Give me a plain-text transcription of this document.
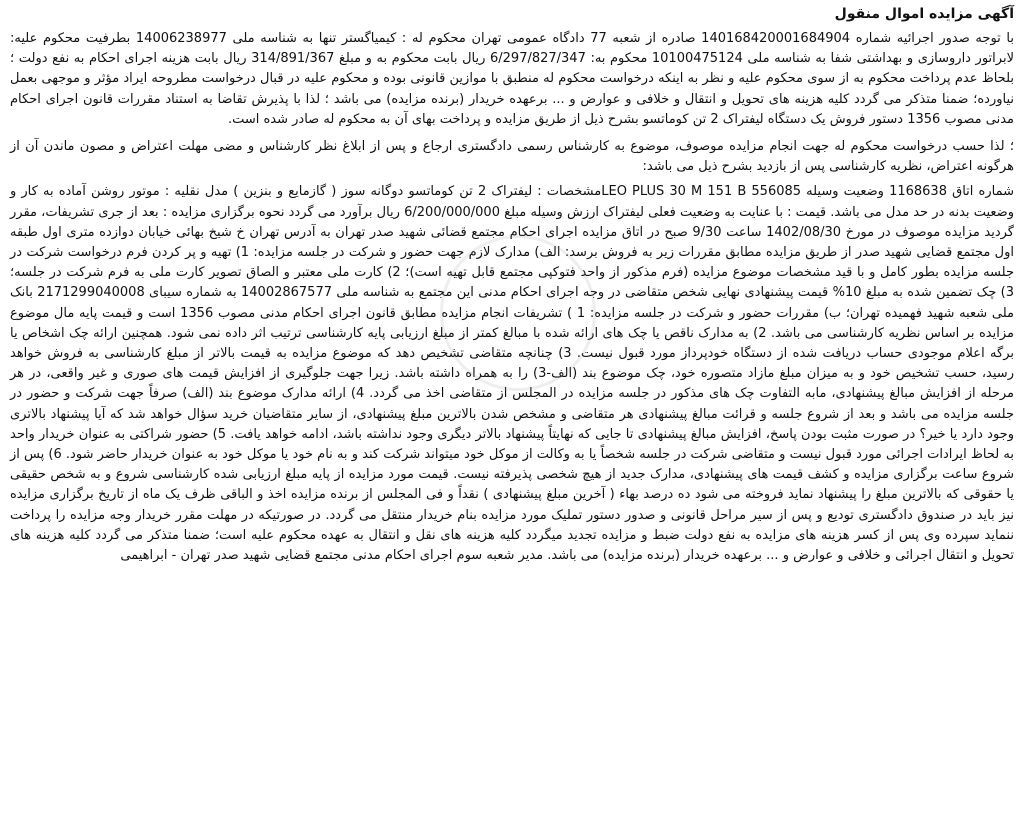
آگهی مزایده اموال منقول

با توجه صدور اجرائیه شماره 140168420001684904 صادره از شعبه 77 دادگاه عمومی تهران محکوم له : کیمیاگستر تنها به شناسه ملی 14006238977 بطرفیت محکوم علیه: لابراتور داروسازی و بهداشتی شفا به شناسه ملی 10100475124 محکوم به: 6/297/827/347 ریال بابت محکوم به و مبلغ 314/891/367 ریال بابت هزینه اجرای احکام به نفع دولت ؛ بلحاظ عدم پرداخت محکوم به از سوی محکوم علیه و نظر به اینکه درخواست محکوم له منطبق با موازین قانونی بوده و محکوم علیه در قبال درخواست مطروحه ایراد مؤثر و موجهی بعمل نیاورده؛ ضمنا متذکر می گردد کلیه هزینه های تحویل و انتقال و خلافی و عوارض و ... برعهده خریدار (برنده مزایده) می باشد ؛ لذا با پذیرش تقاضا به استناد مقررات قانون اجرای احکام مدنی مصوب 1356 دستور فروش یک دستگاه لیفتراک 2 تن کوماتسو بشرح ذیل از طریق مزایده و پرداخت بهای آن به محکوم له صادر شده است.

؛ لذا حسب درخواست محکوم له جهت انجام مزایده موصوف، موضوع به کارشناس رسمی دادگستری ارجاع و پس از ابلاغ نظر کارشناس و مضی مهلت اعتراض و مصون ماندن آن از هرگونه اعتراض، نظریه کارشناسی پس از بازدید بشرح ذیل می باشد:

شماره اتاق 1168638 وضعیت وسیله LEO PLUS 30 M 151 B 556085مشخصات : لیفتراک 2 تن کوماتسو دوگانه سوز ( گازمایع و بنزین ) مدل نقلیه : موتور روشن آماده به کار و وضعیت بدنه در حد مدل می باشد. قیمت : با عنایت به وضعیت فعلی لیفتراک ارزش وسیله مبلغ 6/200/000/000 ریال برآورد می گردد نحوه برگزاری مزایده : بعد از جری تشریفات، مقرر گردید مزایده موصوف در مورخ 1402/08/30 ساعت 9/30 صبح در اتاق مزایده اجرای احکام مجتمع قضائی شهید صدر تهران به آدرس تهران خ شیخ بهائی خیابان دوازده متری اول طبقه اول مجتمع قضایی شهید صدر از طریق مزایده مطابق مقررات زیر به فروش برسد: الف) مدارک لازم جهت حضور و شرکت در جلسه مزایده: 1) تهیه و پر کردن فرم درخواست شرکت در جلسه مزایده بطور کامل و با قید مشخصات موضوع مزایده (فرم مذکور از واحد فتوکپی مجتمع قابل تهیه است)؛ 2) کارت ملی معتبر و الصاق تصویر کارت ملی به فرم شرکت در جلسه؛ 3) چک تضمین شده به مبلغ 10% قیمت پیشنهادی نهایی شخص متقاضی در وجه اجرای احکام مدنی این مجتمع به شناسه ملی 14002867577 به شماره سیبای 2171299040008 بانک ملی شعبه شهید فهمیده تهران؛ ب) مقررات حضور و شرکت در جلسه مزایده: 1 ) تشریفات انجام مزایده مطابق قانون اجرای احکام مدنی مصوب 1356 است و قیمت پایه مال موضوع مزایده بر اساس نظریه کارشناسی می باشد. 2) به مدارک ناقص یا چک های ارائه شده با مبالغ کمتر از مبلغ ارزیابی پایه کارشناسی ترتیب اثر داده نمی شود. همچنین ارائه چک اشخاص یا برگه اعلام موجودی حساب دریافت شده از دستگاه خودپرداز مورد قبول نیست. 3) چنانچه متقاضی تشخیص دهد که موضوع مزایده به قیمت بالاتر از مبلغ کارشناسی به فروش خواهد رسید، حسب تشخیص خود و به میزان مبلغ مازاد متصوره خود، چک موضوع بند (الف-3) را به همراه داشته باشد. زیرا جهت جلوگیری از افزایش قیمت های صوری و غیر واقعی، در هر مرحله از افزایش مبالغ پیشنهادی، مابه التفاوت چک های مذکور در جلسه مزایده در المجلس از متقاضی اخذ می گردد. 4) ارائه مدارک موضوع بند (الف) صرفاً جهت شرکت و حضور در جلسه مزایده می باشد و بعد از شروع جلسه و قرائت مبالغ پیشنهادی هر متقاضی و مشخص شدن بالاترین مبلغ پیشنهادی، از سایر متقاضیان خرید سؤال خواهد شد که آیا پیشنهاد بالاتری وجود دارد یا خیر؟ در صورت مثبت بودن پاسخ، افزایش مبالغ پیشنهادی تا جایی که نهایتاً پیشنهاد بالاتر دیگری وجود نداشته باشد، ادامه خواهد یافت. 5) حضور شراکتی به عنوان خریدار واحد به لحاظ ایرادات اجرائی مورد قبول نیست و متقاضی شرکت در جلسه شخصاً یا به وکالت از موکل خود میتواند شرکت کند و به نام خود یا موکل خود به عنوان خریدار حاضر شود. 6) پس از شروع ساعت برگزاری مزایده و کشف قیمت های پیشنهادی، مدارک جدید از هیچ شخصی پذیرفته نیست. قیمت مورد مزایده از پایه مبلغ ارزیابی شده کارشناسی شروع و به شخص حقیقی یا حقوقی که بالاترین مبلغ را پیشنهاد نماید فروخته می شود ده درصد بهاء ( آخرین مبلغ پیشنهادی ) نقداً و فی المجلس از برنده مزایده اخذ و الباقی ظرف یک ماه از تاریخ برگزاری مزایده نیز باید در صندوق دادگستری تودیع و پس از سیر مراحل قانونی و صدور دستور تملیک مورد مزایده بنام خریدار منتقل می گردد. در صورتیکه در مهلت مقرر خریدار وجه مزایده را پرداخت ننماید سپرده وی پس از کسر هزینه های مزایده به نفع دولت ضبط و مزایده تجدید میگردد کلیه هزینه های نقل و انتقال به عهده محکوم علیه است؛ ضمنا متذکر می گردد کلیه هزینه های تحویل و انتقال اجرائی و خلافی و عوارض و ... برعهده خریدار (برنده مزایده) می باشد. مدیر شعبه سوم اجرای احکام مدنی مجتمع قضایی شهید صدر تهران - ابراهیمی
